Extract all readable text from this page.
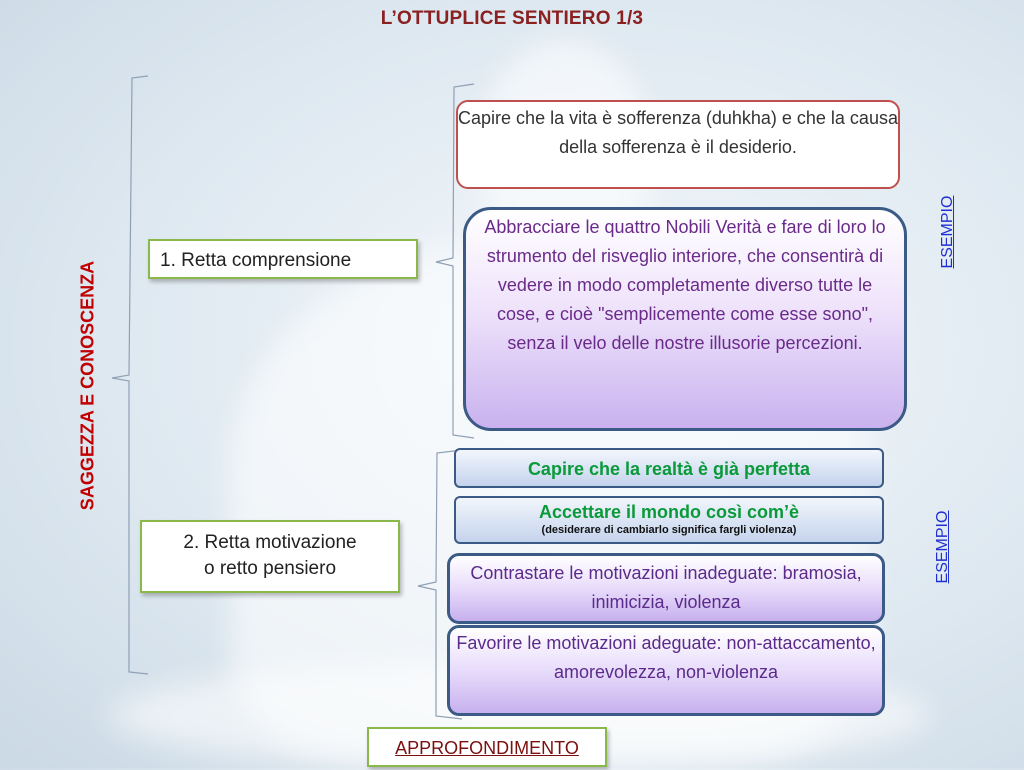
L’OTTUPLICE SENTIERO 1/3
SAGGEZZA E CONOSCENZA
1. Retta comprensione
2. Retta motivazione
o retto pensiero
Capire che la vita è sofferenza (duhkha) e che la causa della sofferenza è il desiderio.
Abbracciare le quattro Nobili Verità e fare di loro lo strumento del risveglio interiore, che consentirà di vedere in modo completamente diverso tutte le cose, e cioè "semplicemente come esse sono", senza il velo delle nostre illusorie percezioni.
Capire che la realtà è già perfetta
Accettare il mondo così com’è
(desiderare di cambiarlo significa fargli violenza)
Contrastare le motivazioni inadeguate: bramosia, inimicizia, violenza
Favorire le motivazioni adeguate: non-attaccamento, amorevolezza, non-violenza
ESEMPIO
ESEMPIO
APPROFONDIMENTO
